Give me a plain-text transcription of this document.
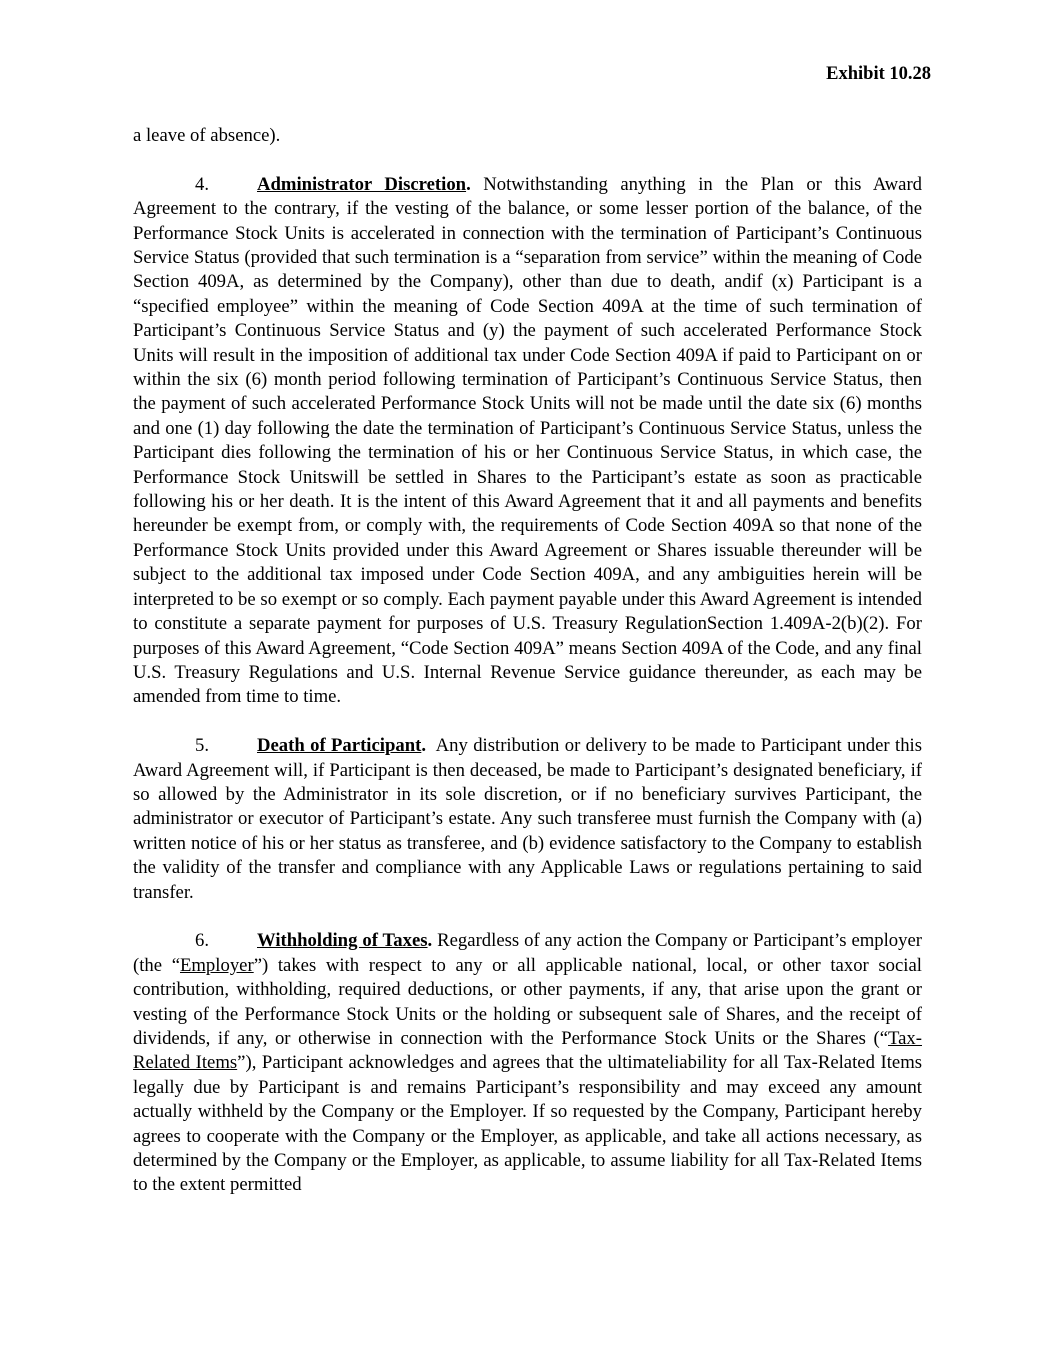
Exhibit 10.28

a leave of absence).

4.	Administrator Discretion. Notwithstanding anything in the Plan or this Award Agreement to the contrary, if the vesting of the balance, or some lesser portion of the balance, of the Performance Stock Units is accelerated in connection with the termination of Participant’s Continuous Service Status (provided that such termination is a “separation from service” within the meaning of Code Section 409A, as determined by the Company), other than due to death, andif (x) Participant is a “specified employee” within the meaning of Code Section 409A at the time of such termination of Participant’s Continuous Service Status and (y) the payment of such accelerated Performance Stock Units will result in the imposition of additional tax under Code Section 409A if paid to Participant on or within the six (6) month period following termination of Participant’s Continuous Service Status, then the payment of such accelerated Performance Stock Units will not be made until the date six (6) months and one (1) day following the date the termination of Participant’s Continuous Service Status, unless the Participant dies following the termination of his or her Continuous Service Status, in which case, the Performance Stock Unitswill be settled in Shares to the Participant’s estate as soon as practicable following his or her death. It is the intent of this Award Agreement that it and all payments and benefits hereunder be exempt from, or comply with, the requirements of Code Section 409A so that none of the Performance Stock Units provided under this Award Agreement or Shares issuable thereunder will be subject to the additional tax imposed under Code Section 409A, and any ambiguities herein will be interpreted to be so exempt or so comply. Each payment payable under this Award Agreement is intended to constitute a separate payment for purposes of U.S. Treasury RegulationSection 1.409A-2(b)(2). For purposes of this Award Agreement, “Code Section 409A” means Section 409A of the Code, and any final U.S. Treasury Regulations and U.S. Internal Revenue Service guidance thereunder, as each may be amended from time to time.

5.	Death of Participant. Any distribution or delivery to be made to Participant under this Award Agreement will, if Participant is then deceased, be made to Participant’s designated beneficiary, if so allowed by the Administrator in its sole discretion, or if no beneficiary survives Participant, the administrator or executor of Participant’s estate. Any such transferee must furnish the Company with (a) written notice of his or her status as transferee, and (b) evidence satisfactory to the Company to establish the validity of the transfer and compliance with any Applicable Laws or regulations pertaining to said transfer.

6.	Withholding of Taxes. Regardless of any action the Company or Participant’s employer (the “Employer”) takes with respect to any or all applicable national, local, or other taxor social contribution, withholding, required deductions, or other payments, if any, that arise upon the grant or vesting of the Performance Stock Units or the holding or subsequent sale of Shares, and the receipt of dividends, if any, or otherwise in connection with the Performance Stock Units or the Shares (“Tax-Related Items”), Participant acknowledges and agrees that the ultimateliability for all Tax-Related Items legally due by Participant is and remains Participant’s responsibility and may exceed any amount actually withheld by the Company or the Employer. If so requested by the Company, Participant hereby agrees to cooperate with the Company or the Employer, as applicable, and take all actions necessary, as determined by the Company or the Employer, as applicable, to assume liability for all Tax-Related Items to the extent permitted
